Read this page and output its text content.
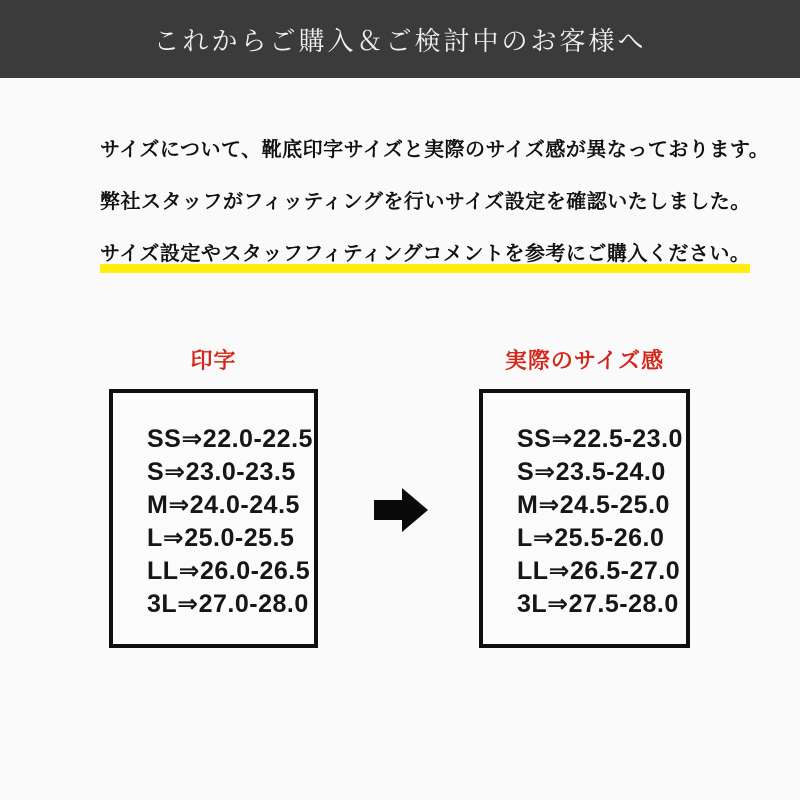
これからご購入＆ご検討中のお客様へ

サイズについて、靴底印字サイズと実際のサイズ感が異なっております。

弊社スタッフがフィッティングを行いサイズ設定を確認いたしました。

サイズ設定やスタッフフィティングコメントを参考にご購入ください。

印字
SS⇒22.0-22.5
S⇒23.0-23.5
M⇒24.0-24.5
L⇒25.0-25.5
LL⇒26.0-26.5
3L⇒27.0-28.0
実際のサイズ感
SS⇒22.5-23.0
S⇒23.5-24.0
M⇒24.5-25.0
L⇒25.5-26.0
LL⇒26.5-27.0
3L⇒27.5-28.0
